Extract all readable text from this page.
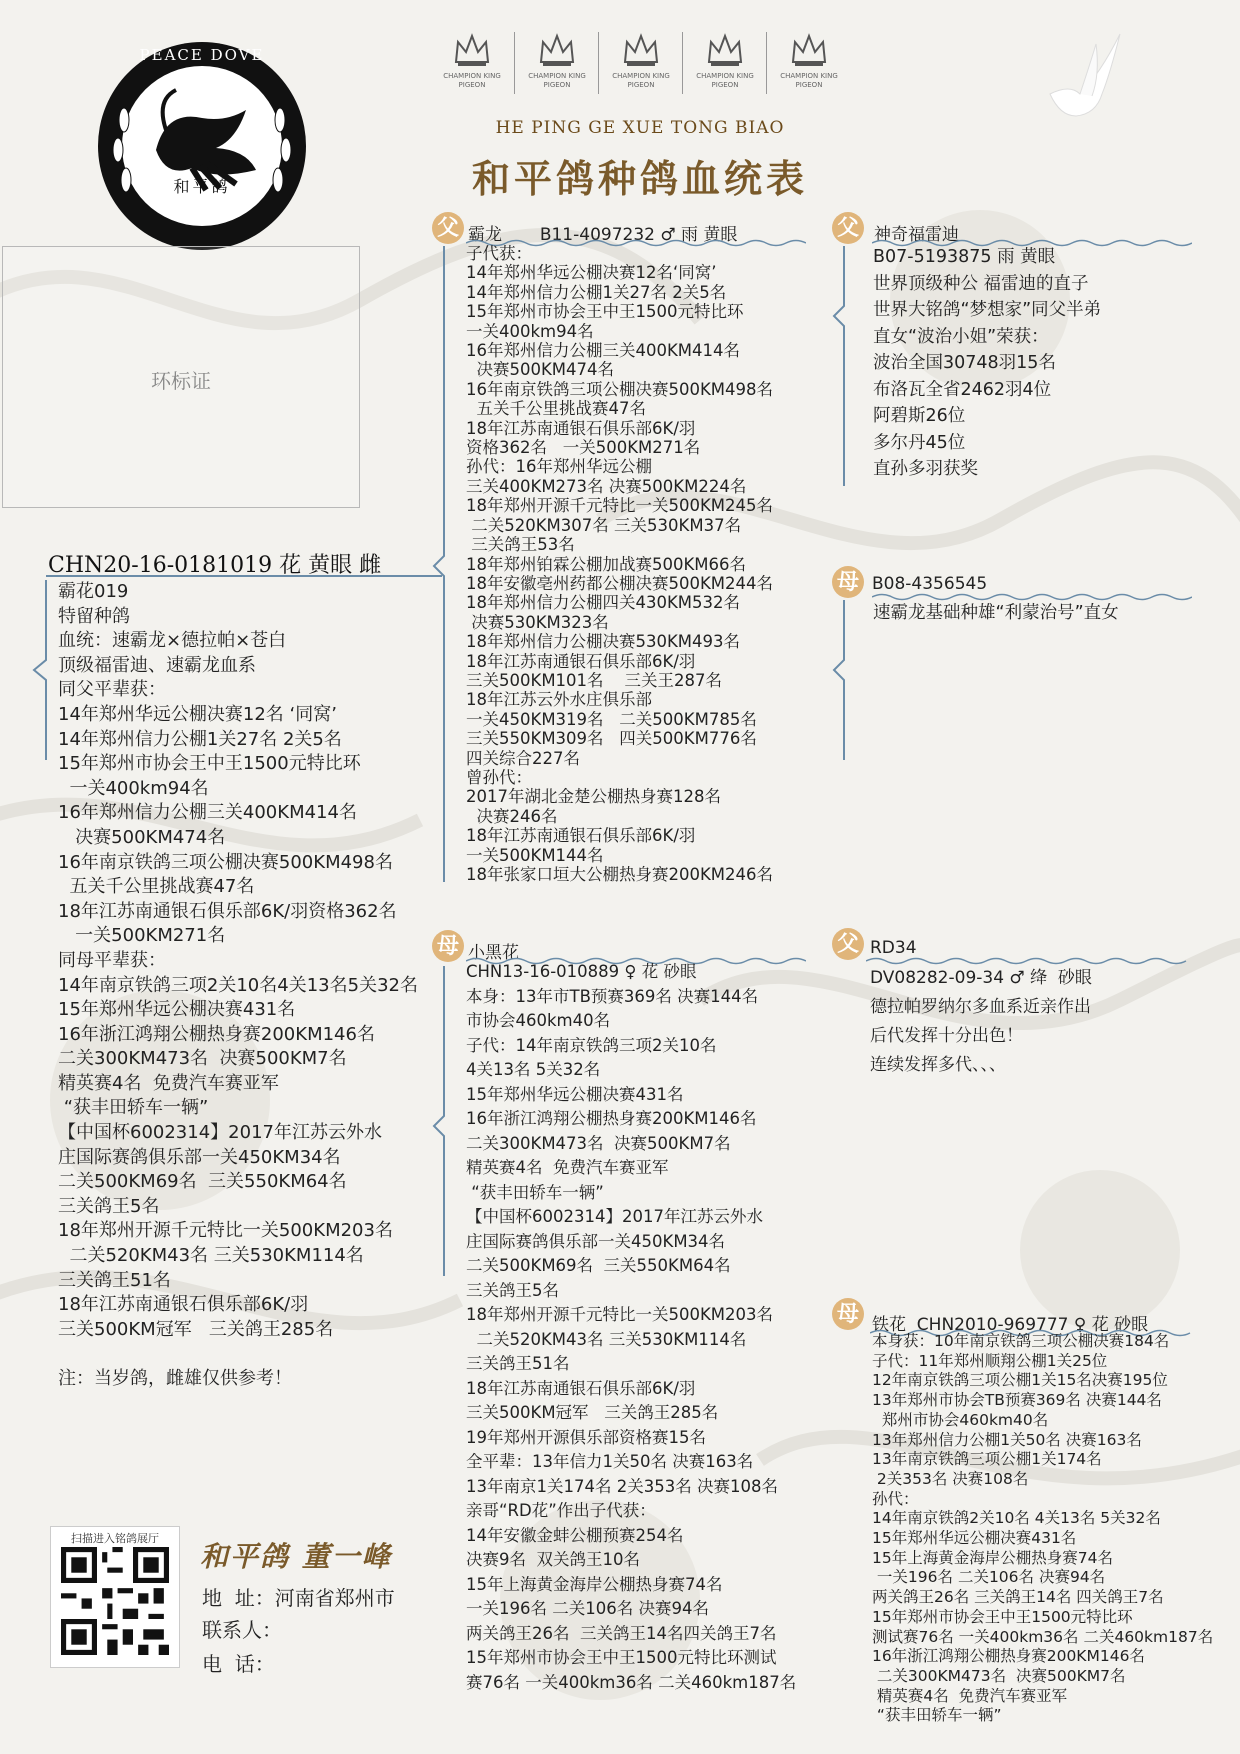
PEACE DOVE
和平鸽
CHAMPION KING PIGEON
CHAMPION KING PIGEON
CHAMPION KING PIGEON
CHAMPION KING PIGEON
CHAMPION KING PIGEON
HE PING GE XUE TONG BIAO
和平鸽种鸽血统表
环标证
CHN20-16-0181019 花 黄眼 雌
霸花019
特留种鸽
血统：速霸龙×德拉帕×苍白
顶级福雷迪、速霸龙血系
同父平辈获：
14年郑州华远公棚决赛12名 ‘同窝’
14年郑州信力公棚1关27名 2关5名
15年郑州市协会王中王1500元特比环
一关400km94名
16年郑州信力公棚三关400KM414名
决赛500KM474名
16年南京铁鸽三项公棚决赛500KM498名
五关千公里挑战赛47名
18年江苏南通银石俱乐部6K/羽资格362名
一关500KM271名
同母平辈获：
14年南京铁鸽三项2关10名4关13名5关32名
15年郑州华远公棚决赛431名
16年浙江鸿翔公棚热身赛200KM146名
二关300KM473名  决赛500KM7名
精英赛4名  免费汽车赛亚军
“获丰田轿车一辆”
【中国杯6002314】2017年江苏云外水
庄国际赛鸽俱乐部一关450KM34名
二关500KM69名  三关550KM64名
三关鸽王5名
18年郑州开源千元特比一关500KM203名
二关520KM43名 三关530KM114名
三关鸽王51名
18年江苏南通银石俱乐部6K/羽
三关500KM冠军   三关鸽王285名
注：当岁鸽，雌雄仅供参考！
父 霸龙       B11-4097232 ♂ 雨 黄眼
子代获：
14年郑州华远公棚决赛12名‘同窝’
14年郑州信力公棚1关27名 2关5名
15年郑州市协会王中王1500元特比环
一关400km94名
16年郑州信力公棚三关400KM414名
决赛500KM474名
16年南京铁鸽三项公棚决赛500KM498名
五关千公里挑战赛47名
18年江苏南通银石俱乐部6K/羽
资格362名   一关500KM271名
孙代：16年郑州华远公棚
三关400KM273名 决赛500KM224名
18年郑州开源千元特比一关500KM245名
二关520KM307名 三关530KM37名
三关鸽王53名
18年郑州铂霖公棚加战赛500KM66名
18年安徽亳州药都公棚决赛500KM244名
18年郑州信力公棚四关430KM532名
决赛530KM323名
18年郑州信力公棚决赛530KM493名
18年江苏南通银石俱乐部6K/羽
三关500KM101名    三关王287名
18年江苏云外水庄俱乐部
一关450KM319名   二关500KM785名
三关550KM309名   四关500KM776名
四关综合227名
曾孙代：
2017年湖北金楚公棚热身赛128名
决赛246名
18年江苏南通银石俱乐部6K/羽
一关500KM144名
18年张家口垣大公棚热身赛200KM246名
母 小黑花
CHN13-16-010889 ♀ 花 砂眼
本身：13年市TB预赛369名 决赛144名
市协会460km40名
子代：14年南京铁鸽三项2关10名
4关13名 5关32名
15年郑州华远公棚决赛431名
16年浙江鸿翔公棚热身赛200KM146名
二关300KM473名  决赛500KM7名
精英赛4名  免费汽车赛亚军
“获丰田轿车一辆”
【中国杯6002314】2017年江苏云外水
庄国际赛鸽俱乐部一关450KM34名
二关500KM69名  三关550KM64名
三关鸽王5名
18年郑州开源千元特比一关500KM203名
二关520KM43名 三关530KM114名
三关鸽王51名
18年江苏南通银石俱乐部6K/羽
三关500KM冠军   三关鸽王285名
19年郑州开源俱乐部资格赛15名
全平辈：13年信力1关50名 决赛163名
13年南京1关174名 2关353名 决赛108名
亲哥“RD花”作出子代获：
14年安徽金蚌公棚预赛254名
决赛9名  双关鸽王10名
15年上海黄金海岸公棚热身赛74名
一关196名 二关106名 决赛94名
两关鸽王26名  三关鸽王14名四关鸽王7名
15年郑州市协会王中王1500元特比环测试
赛76名 一关400km36名 二关460km187名
父 神奇福雷迪
B07-5193875 雨 黄眼
世界顶级种公 福雷迪的直子
世界大铭鸽“梦想家”同父半弟
直女“波治小姐”荣获：
波治全国30748羽15名
布洛瓦全省2462羽4位
阿碧斯26位
多尔丹45位
直孙多羽获奖
母 B08-4356545
速霸龙基础种雄“利蒙治号”直女
父 RD34
DV08282-09-34 ♂ 绛  砂眼
德拉帕罗纳尔多血系近亲作出
后代发挥十分出色！
连续发挥多代、、、
母 铁花  CHN2010-969777 ♀ 花 砂眼
本身获：10年南京铁鸽三项公棚决赛184名
子代：11年郑州顺翔公棚1关25位
12年南京铁鸽三项公棚1关15名决赛195位
13年郑州市协会TB预赛369名 决赛144名
郑州市协会460km40名
13年郑州信力公棚1关50名 决赛163名
13年南京铁鸽三项公棚1关174名
2关353名 决赛108名
孙代：
14年南京铁鸽2关10名 4关13名 5关32名
15年郑州华远公棚决赛431名
15年上海黄金海岸公棚热身赛74名
一关196名 二关106名 决赛94名
两关鸽王26名 三关鸽王14名 四关鸽王7名
15年郑州市协会王中王1500元特比环
测试赛76名 一关400km36名 二关460km187名
16年浙江鸿翔公棚热身赛200KM146名
二关300KM473名  决赛500KM7名
精英赛4名  免费汽车赛亚军
“获丰田轿车一辆”
扫描进入铭鸽展厅
和平鸽 董一峰
地  址：河南省郑州市
联系人：
电  话：
